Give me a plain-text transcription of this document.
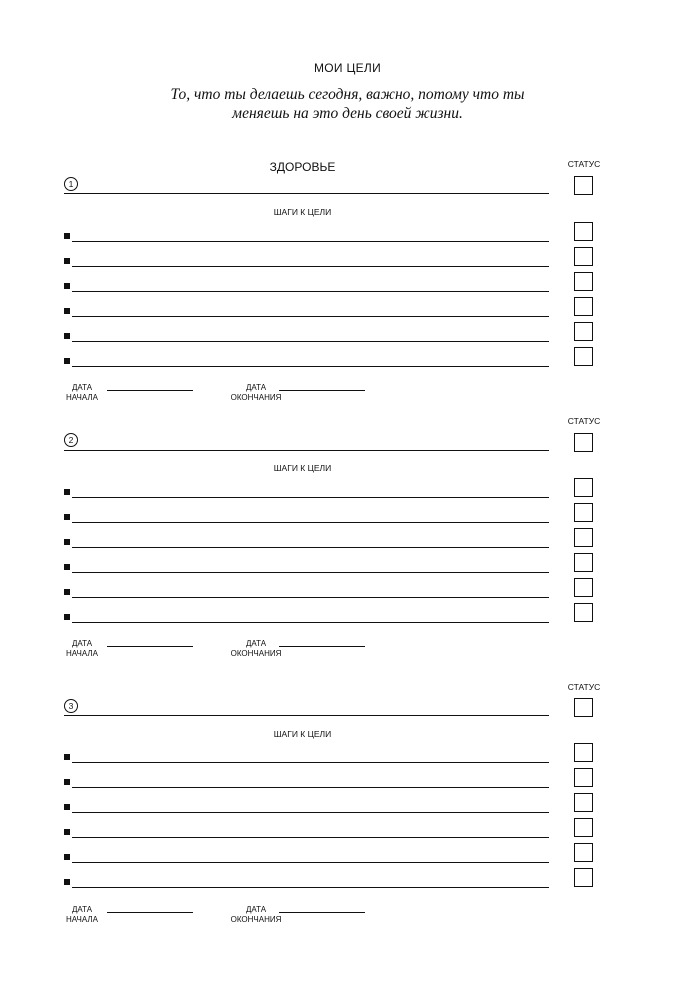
МОИ ЦЕЛИ
То, что ты делаешь сегодня, важно, потому что ты
меняешь на это день своей жизни.
ЗДОРОВЬЕ	СТАТУС
1
ШАГИ К ЦЕЛИ
ДАТА
НАЧАЛА
ДАТА
ОКОНЧАНИЯ
СТАТУС
2
ШАГИ К ЦЕЛИ
ДАТА
НАЧАЛА
ДАТА
ОКОНЧАНИЯ
СТАТУС
3
ШАГИ К ЦЕЛИ
ДАТА
НАЧАЛА
ДАТА
ОКОНЧАНИЯ
